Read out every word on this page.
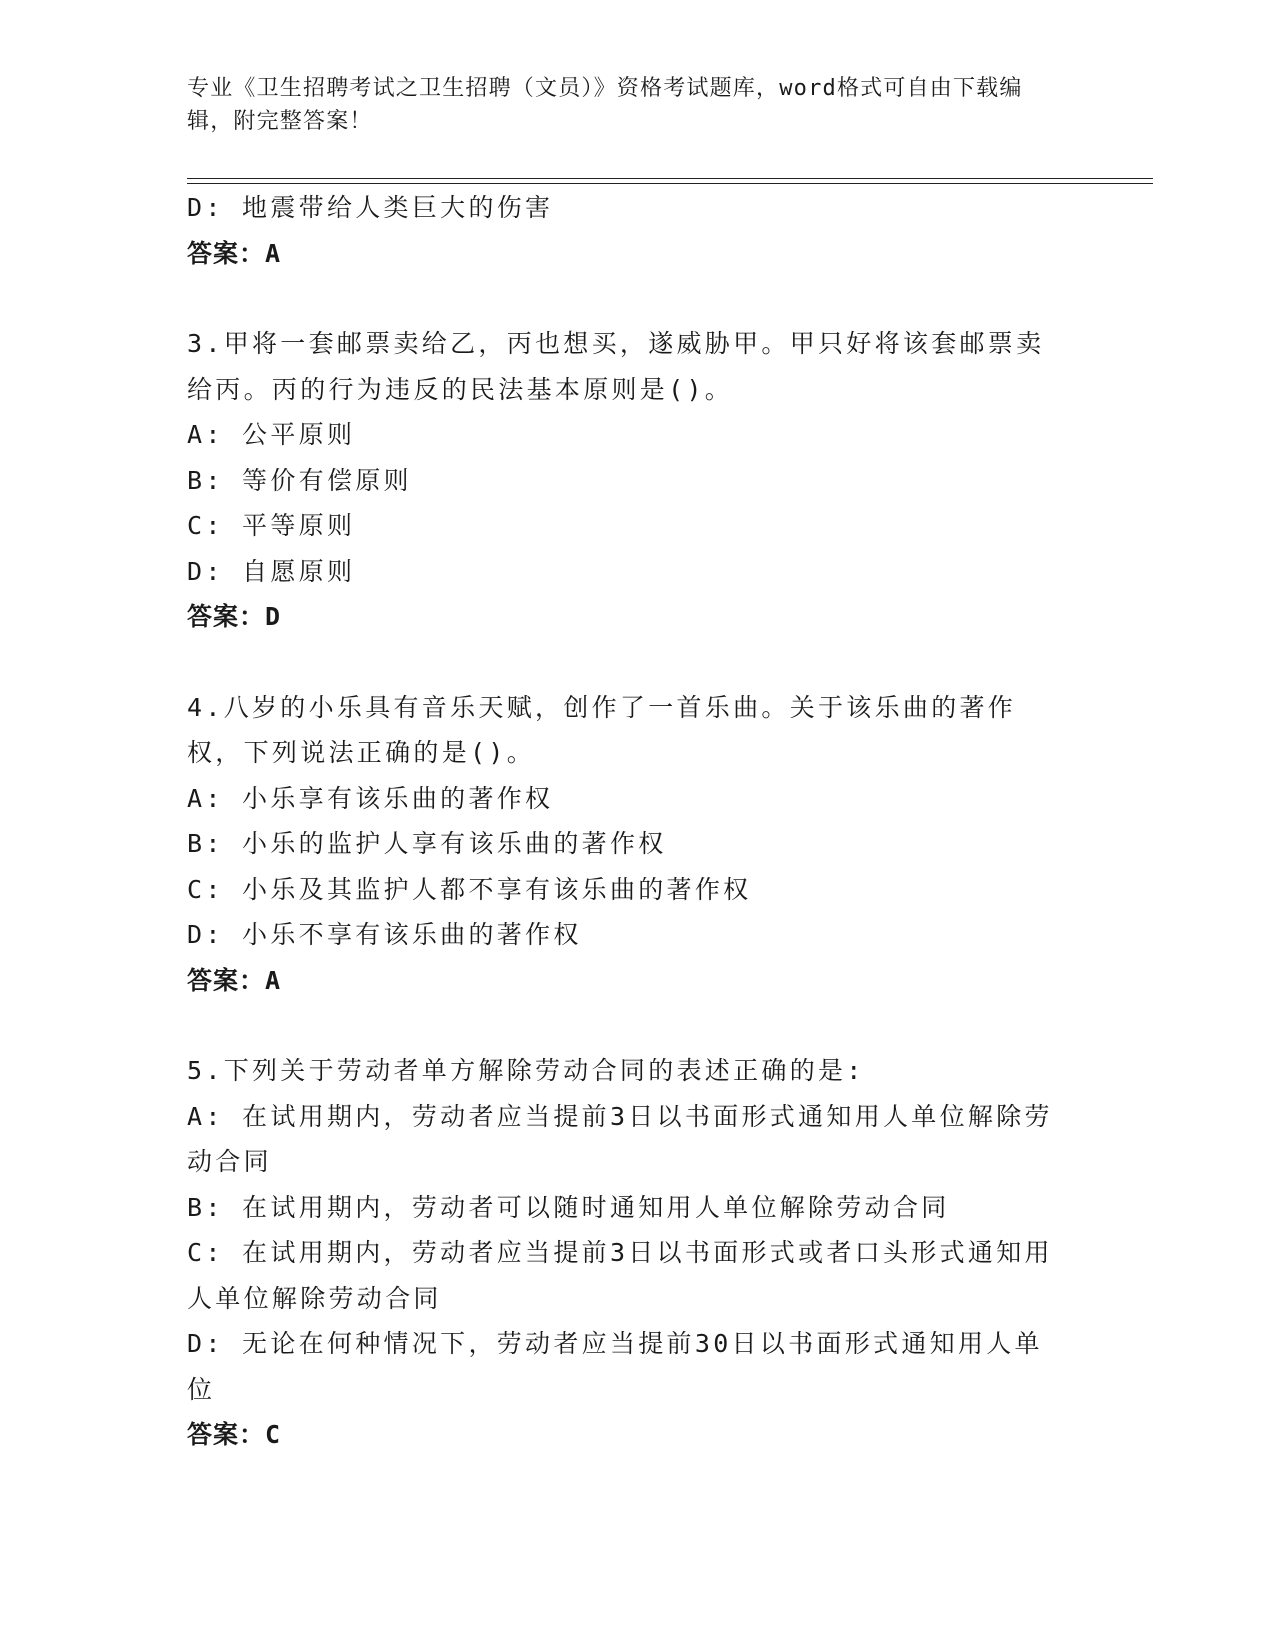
专业《卫生招聘考试之卫生招聘（文员）》资格考试题库，word格式可自由下载编辑，附完整答案！
D: 地震带给人类巨大的伤害
答案：A
3.甲将一套邮票卖给乙，丙也想买，遂威胁甲。甲只好将该套邮票卖给丙。丙的行为违反的民法基本原则是()。
A: 公平原则
B: 等价有偿原则
C: 平等原则
D: 自愿原则
答案：D
4.八岁的小乐具有音乐天赋，创作了一首乐曲。关于该乐曲的著作权，下列说法正确的是()。
A: 小乐享有该乐曲的著作权
B: 小乐的监护人享有该乐曲的著作权
C: 小乐及其监护人都不享有该乐曲的著作权
D: 小乐不享有该乐曲的著作权
答案：A
5.下列关于劳动者单方解除劳动合同的表述正确的是:
A: 在试用期内，劳动者应当提前3日以书面形式通知用人单位解除劳动合同
B: 在试用期内，劳动者可以随时通知用人单位解除劳动合同
C: 在试用期内，劳动者应当提前3日以书面形式或者口头形式通知用人单位解除劳动合同
D: 无论在何种情况下，劳动者应当提前30日以书面形式通知用人单位
答案：C
